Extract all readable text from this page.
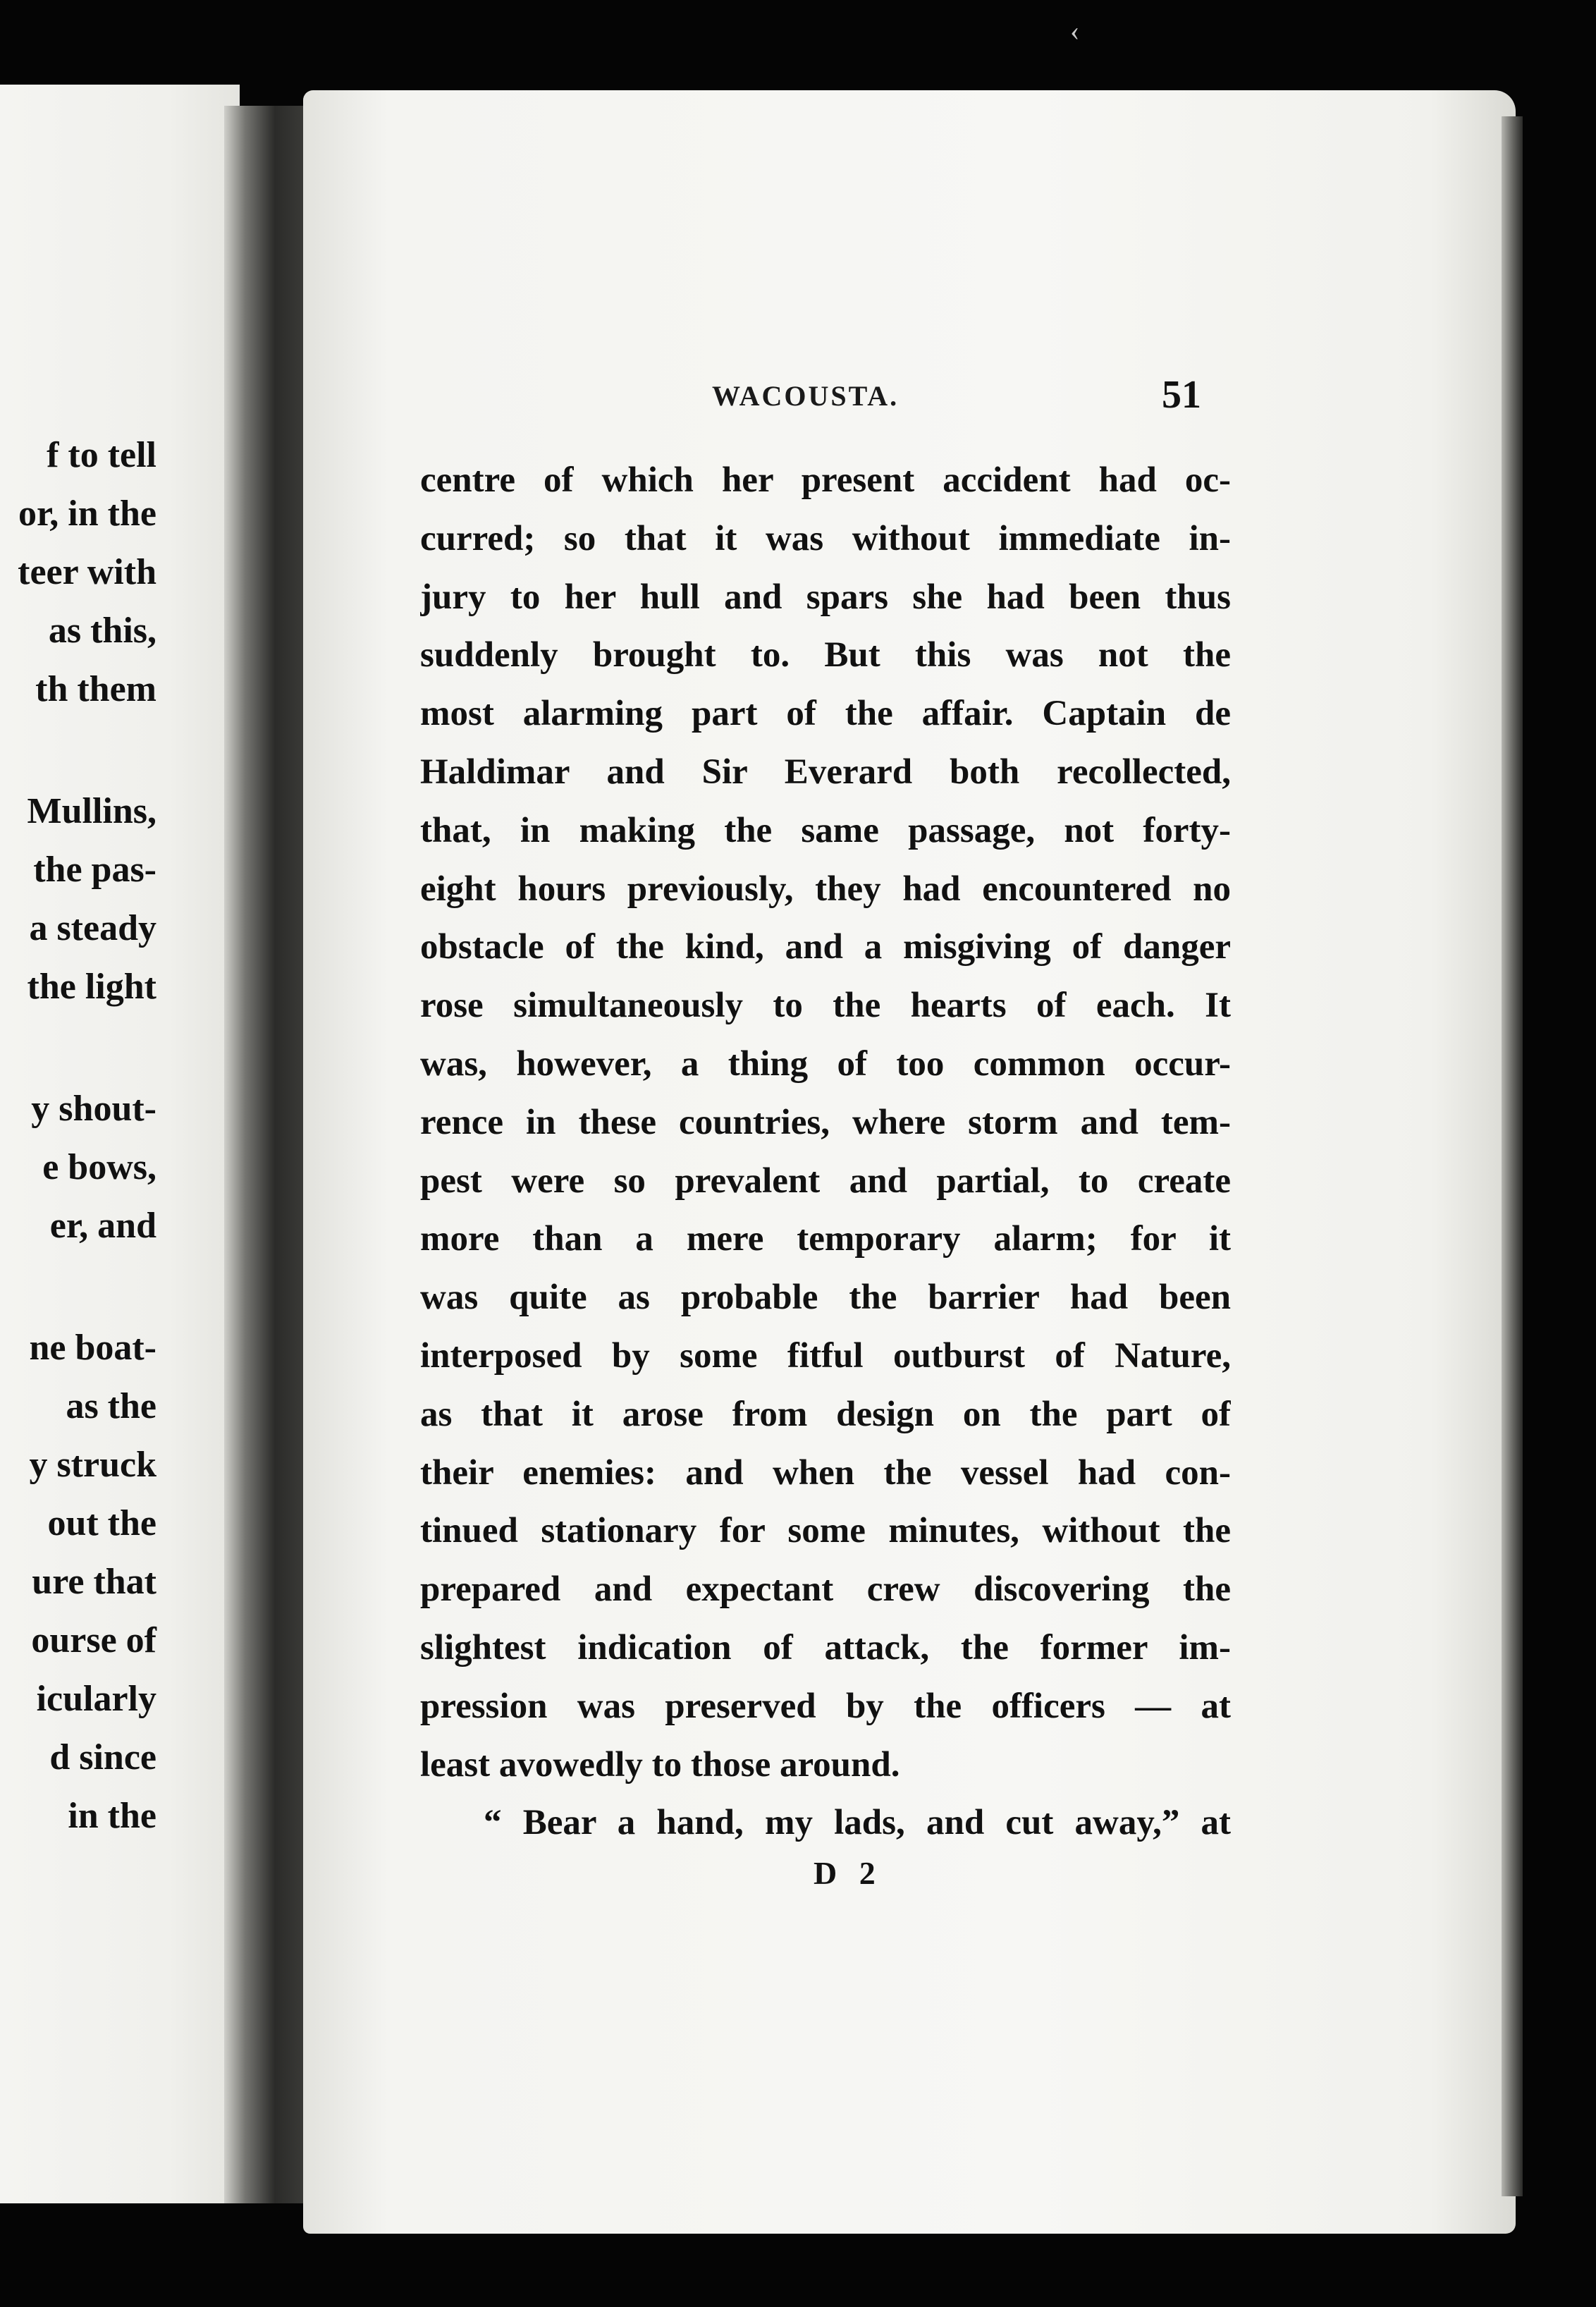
f to tell
or, in the
teer with
as this,
th them
Mullins,
the pas-
a steady
the light
y shout-
e bows,
er, and
ne boat-
as the
y struck
out the
ure that
ourse of
icularly
d since
in the
WACOUSTA.	51
centre of which her present accident had oc-
curred; so that it was without immediate in-
jury to her hull and spars she had been thus
suddenly brought to. But this was not the
most alarming part of the affair. Captain de
Haldimar and Sir Everard both recollected,
that, in making the same passage, not forty-
eight hours previously, they had encountered no
obstacle of the kind, and a misgiving of danger
rose simultaneously to the hearts of each. It
was, however, a thing of too common occur-
rence in these countries, where storm and tem-
pest were so prevalent and partial, to create
more than a mere temporary alarm; for it
was quite as probable the barrier had been
interposed by some fitful outburst of Nature,
as that it arose from design on the part of
their enemies: and when the vessel had con-
tinued stationary for some minutes, without the
prepared and expectant crew discovering the
slightest indication of attack, the former im-
pression was preserved by the officers — at
least avowedly to those around.
“ Bear a hand, my lads, and cut away,” at
D 2
‹
